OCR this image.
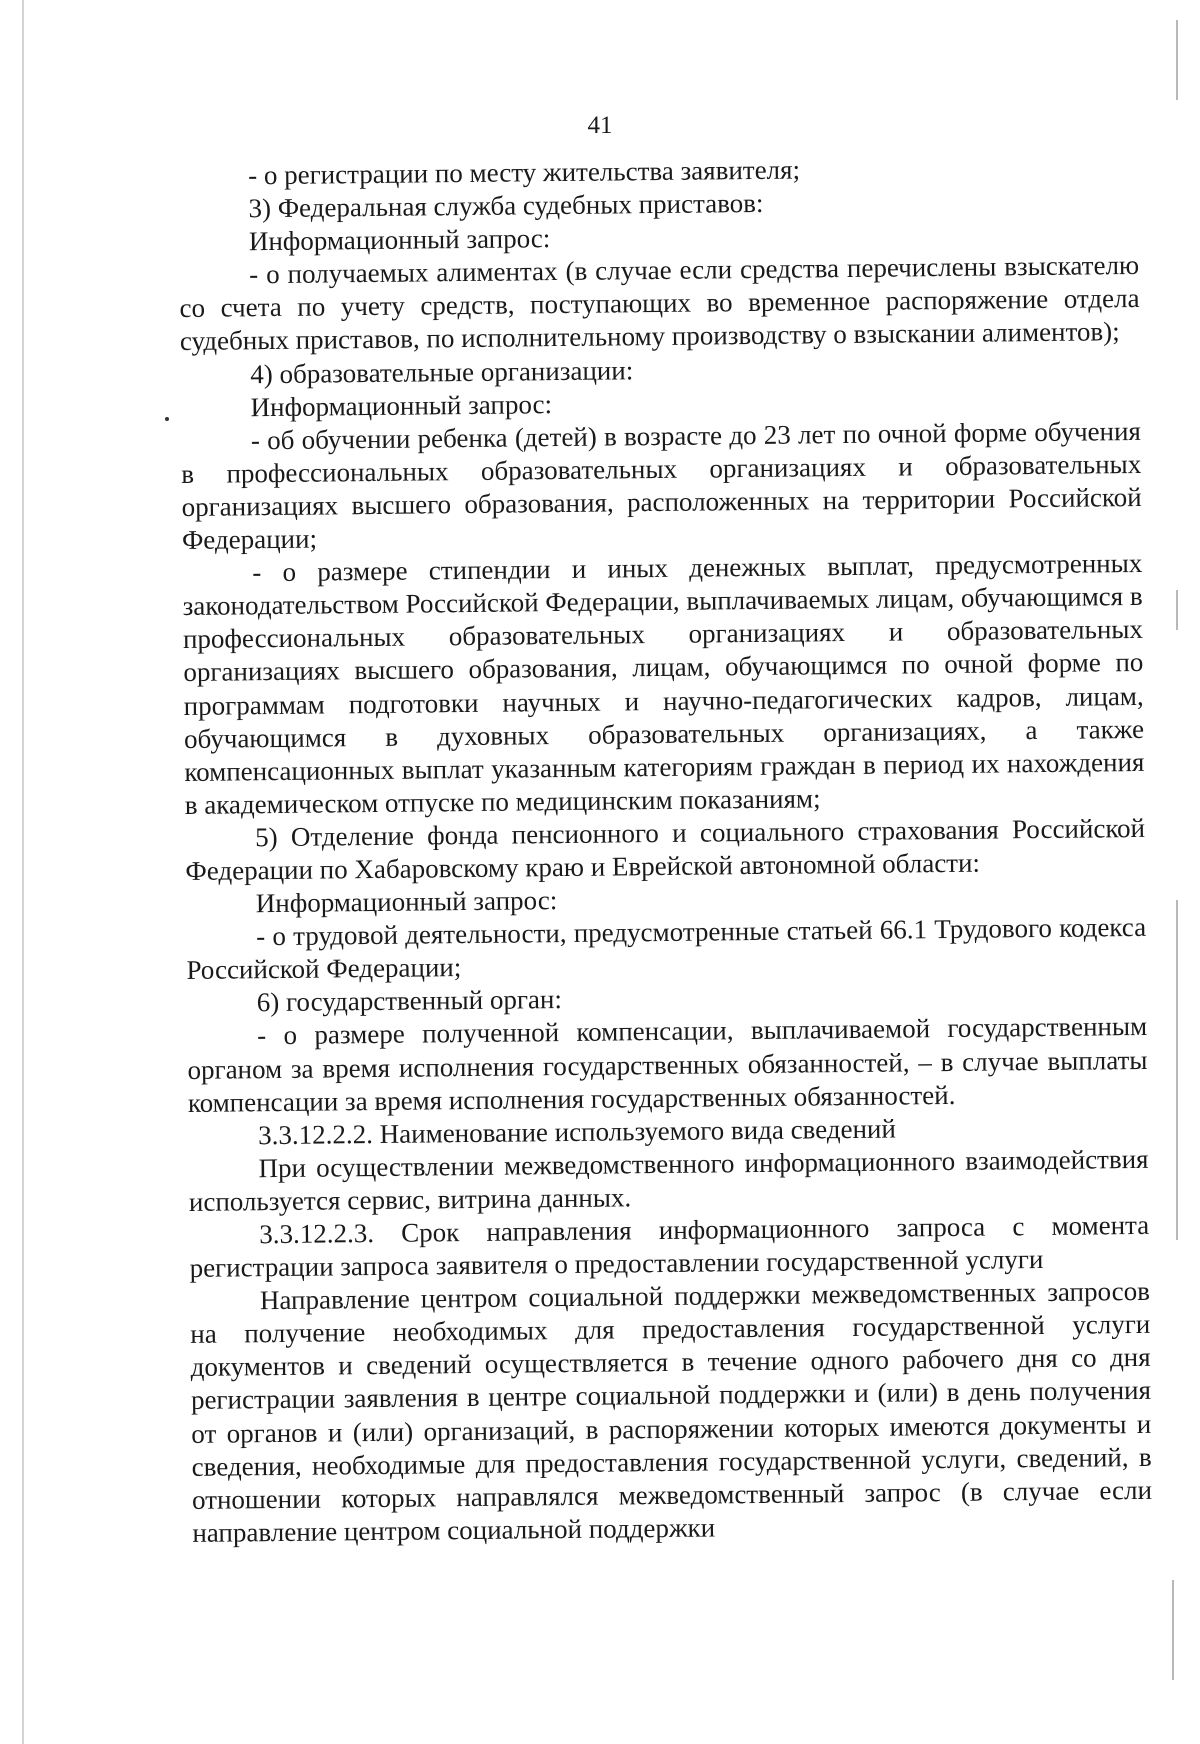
41

- о регистрации по месту жительства заявителя;

3) Федеральная служба судебных приставов:

Информационный запрос:

- о получаемых алиментах (в случае если средства перечислены взыскателю со счета по учету средств, поступающих во временное распоряжение отдела судебных приставов, по исполнительному производству о взыскании алиментов);

4) образовательные организации:

Информационный запрос:

- об обучении ребенка (детей) в возрасте до 23 лет по очной форме обучения в профессиональных образовательных организациях и образовательных организациях высшего образования, расположенных на территории Российской Федерации;

- о размере стипендии и иных денежных выплат, предусмотренных законодательством Российской Федерации, выплачиваемых лицам, обучающимся в профессиональных образовательных организациях и образовательных организациях высшего образования, лицам, обучающимся по очной форме по программам подготовки научных и научно-педагогических кадров, лицам, обучающимся в духовных образовательных организациях, а также компенсационных выплат указанным категориям граждан в период их нахождения в академическом отпуске по медицинским показаниям;

5) Отделение фонда пенсионного и социального страхования Российской Федерации по Хабаровскому краю и Еврейской автономной области:

Информационный запрос:

- о трудовой деятельности, предусмотренные статьей 66.1 Трудового кодекса Российской Федерации;

6) государственный орган:

- о размере полученной компенсации, выплачиваемой государственным органом за время исполнения государственных обязанностей, – в случае выплаты компенсации за время исполнения государственных обязанностей.

3.3.12.2.2. Наименование используемого вида сведений

При осуществлении межведомственного информационного взаимодействия используется сервис, витрина данных.

3.3.12.2.3. Срок направления информационного запроса с момента регистрации запроса заявителя о предоставлении государственной услуги

Направление центром социальной поддержки межведомственных запросов на получение необходимых для предоставления государственной услуги документов и сведений осуществляется в течение одного рабочего дня со дня регистрации заявления в центре социальной поддержки и (или) в день получения от органов и (или) организаций, в распоряжении которых имеются документы и сведения, необходимые для предоставления государственной услуги, сведений, в отношении которых направлялся межведомственный запрос (в случае если направление центром социальной поддержки
